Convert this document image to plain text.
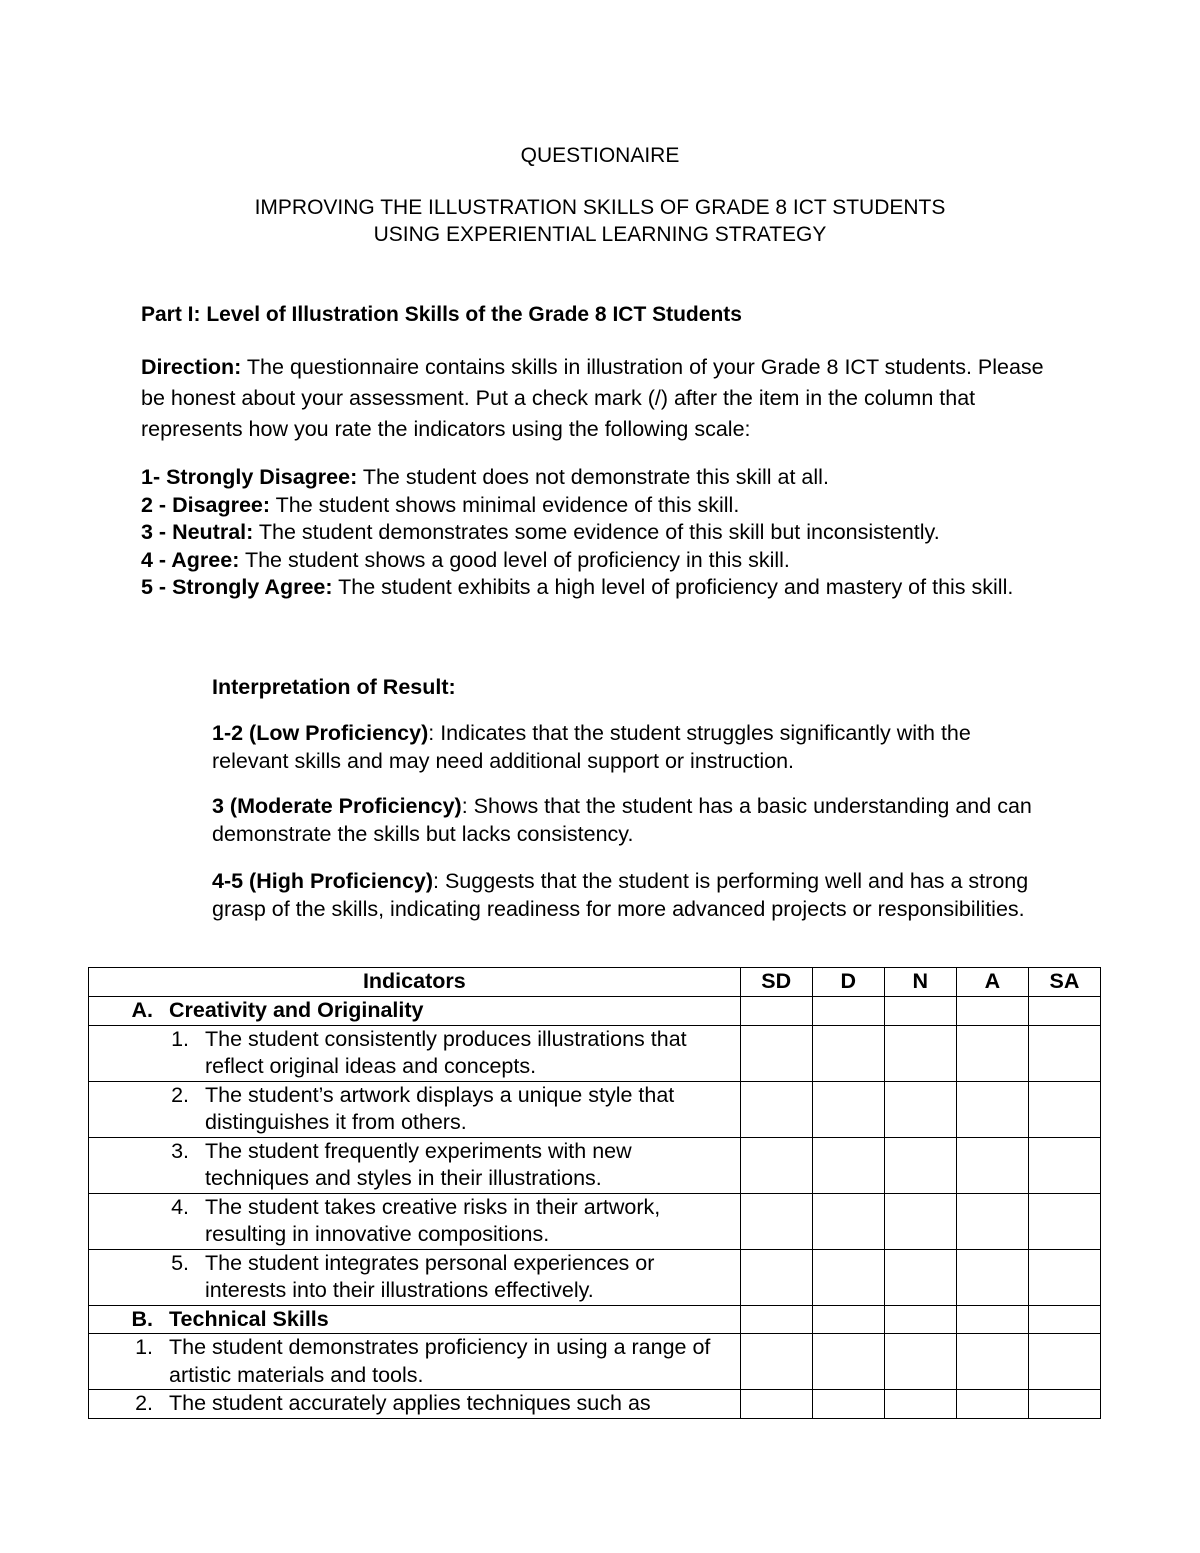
QUESTIONAIRE
IMPROVING THE ILLUSTRATION SKILLS OF GRADE 8 ICT STUDENTS
USING EXPERIENTIAL LEARNING STRATEGY
Part I: Level of Illustration Skills of the Grade 8 ICT Students
Direction: The questionnaire contains skills in illustration of your Grade 8 ICT students. Please be honest about your assessment. Put a check mark (/) after the item in the column that represents how you rate the indicators using the following scale:
1- Strongly Disagree: The student does not demonstrate this skill at all.
2 - Disagree: The student shows minimal evidence of this skill.
3 - Neutral: The student demonstrates some evidence of this skill but inconsistently.
4 - Agree: The student shows a good level of proficiency in this skill.
5 - Strongly Agree: The student exhibits a high level of proficiency and mastery of this skill.
Interpretation of Result:
1-2 (Low Proficiency): Indicates that the student struggles significantly with the relevant skills and may need additional support or instruction.
3 (Moderate Proficiency): Shows that the student has a basic understanding and can demonstrate the skills but lacks consistency.
4-5 (High Proficiency): Suggests that the student is performing well and has a strong grasp of the skills, indicating readiness for more advanced projects or responsibilities.
Indicators	SD	D	N	A	SA

A. Creativity and Originality					

1. The student consistently produces illustrations that reflect original ideas and concepts.					

2. The student’s artwork displays a unique style that distinguishes it from others.					

3. The student frequently experiments with new techniques and styles in their illustrations.					

4. The student takes creative risks in their artwork, resulting in innovative compositions.					

5. The student integrates personal experiences or interests into their illustrations effectively.					

B. Technical Skills					

1. The student demonstrates proficiency in using a range of artistic materials and tools.					

2. The student accurately applies techniques such as					
